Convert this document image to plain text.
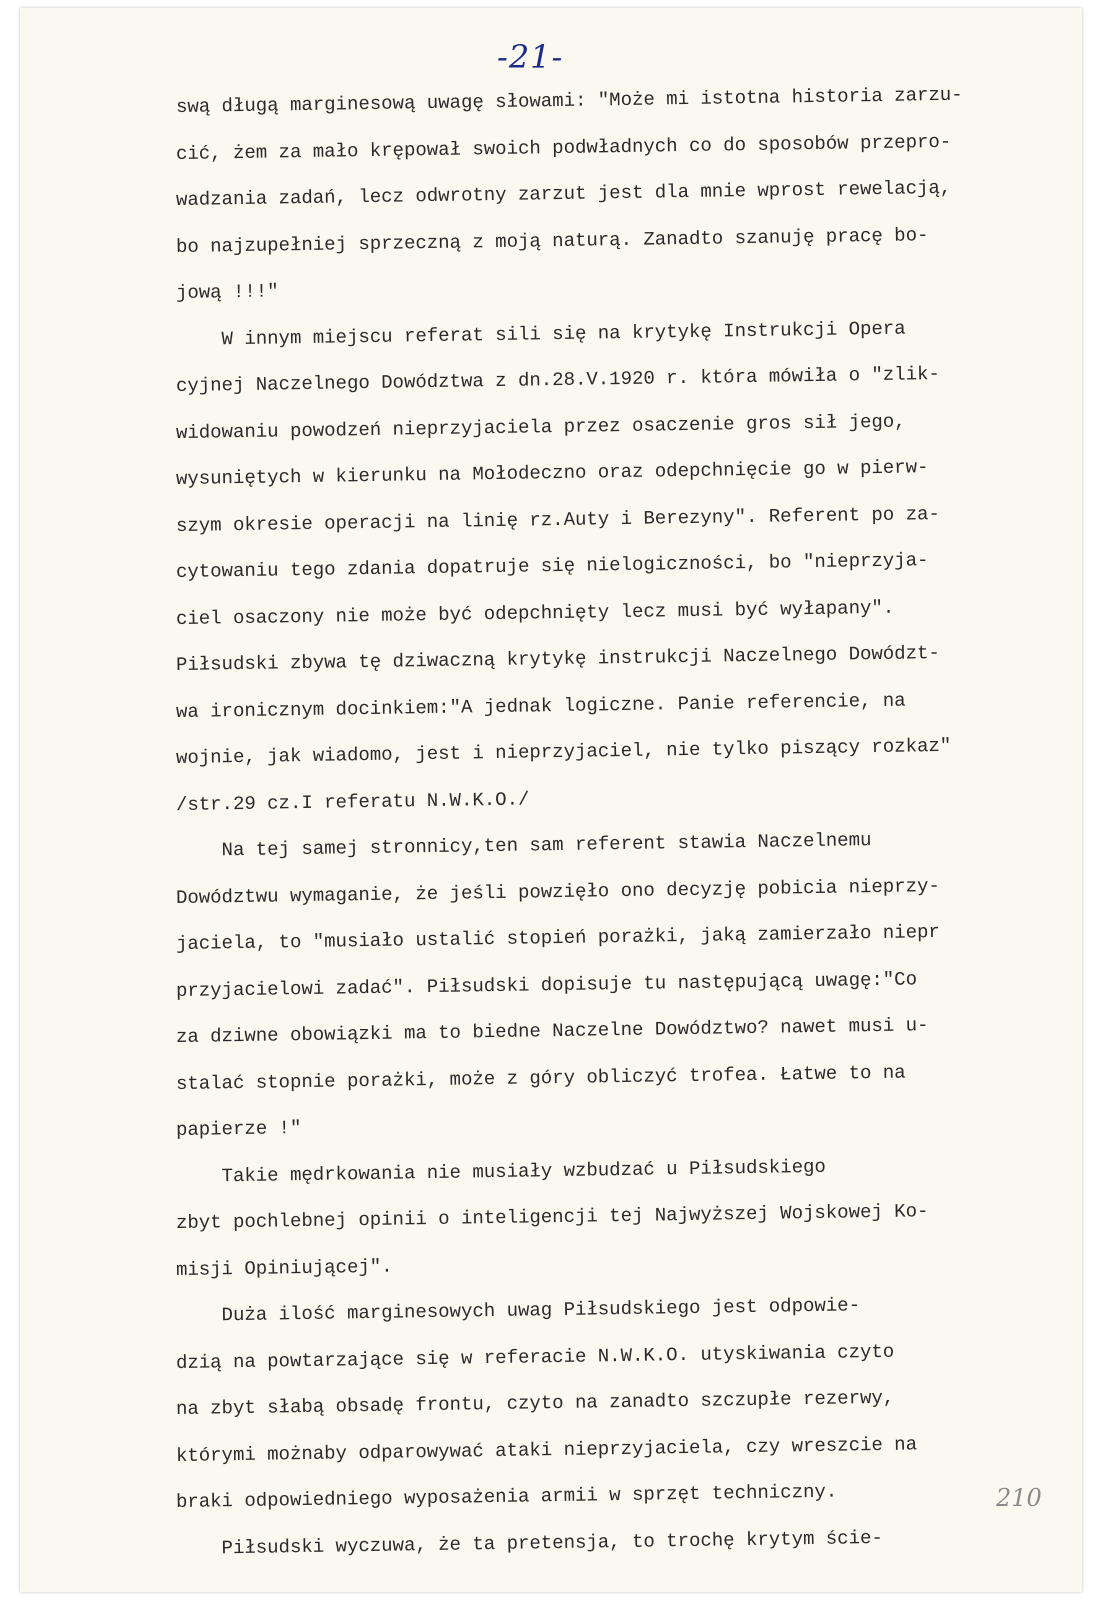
-21-
swą długą marginesową uwagę słowami: "Może mi istotna historia zarzu-
cić, żem za mało krępował swoich podwładnych co do sposobów przepro-
wadzania zadań, lecz odwrotny zarzut jest dla mnie wprost rewelacją,
bo najzupełniej sprzeczną z moją naturą. Zanadto szanuję pracę bo-
jową !!!"
W innym miejscu referat sili się na krytykę Instrukcji Opera
cyjnej Naczelnego Dowództwa z dn.28.V.1920 r. która mówiła o "zlik-
widowaniu powodzeń nieprzyjaciela przez osaczenie gros sił jego,
wysuniętych w kierunku na Mołodeczno oraz odepchnięcie go w pierw-
szym okresie operacji na linię rz.Auty i Berezyny". Referent po za-
cytowaniu tego zdania dopatruje się nielogiczności, bo "nieprzyja-
ciel osaczony nie może być odepchnięty lecz musi być wyłapany".
Piłsudski zbywa tę dziwaczną krytykę instrukcji Naczelnego Dowództ-
wa ironicznym docinkiem:"A jednak logiczne. Panie referencie, na
wojnie, jak wiadomo, jest i nieprzyjaciel, nie tylko piszący rozkaz"
/str.29 cz.I referatu N.W.K.O./
Na tej samej stronnicy,ten sam referent stawia Naczelnemu
Dowództwu wymaganie, że jeśli powzięło ono decyzję pobicia nieprzy-
jaciela, to "musiało ustalić stopień porażki, jaką zamierzało niepr
przyjacielowi zadać". Piłsudski dopisuje tu następującą uwagę:"Co
za dziwne obowiązki ma to biedne Naczelne Dowództwo? nawet musi u-
stalać stopnie porażki, może z góry obliczyć trofea. Łatwe to na
papierze !"
Takie mędrkowania nie musiały wzbudzać u Piłsudskiego
zbyt pochlebnej opinii o inteligencji tej Najwyższej Wojskowej Ko-
misji Opiniującej".
Duża ilość marginesowych uwag Piłsudskiego jest odpowie-
dzią na powtarzające się w referacie N.W.K.O. utyskiwania czyto
na zbyt słabą obsadę frontu, czyto na zanadto szczupłe rezerwy,
którymi możnaby odparowywać ataki nieprzyjaciela, czy wreszcie na
braki odpowiedniego wyposażenia armii w sprzęt techniczny.
Piłsudski wyczuwa, że ta pretensja, to trochę krytym ście-
210
